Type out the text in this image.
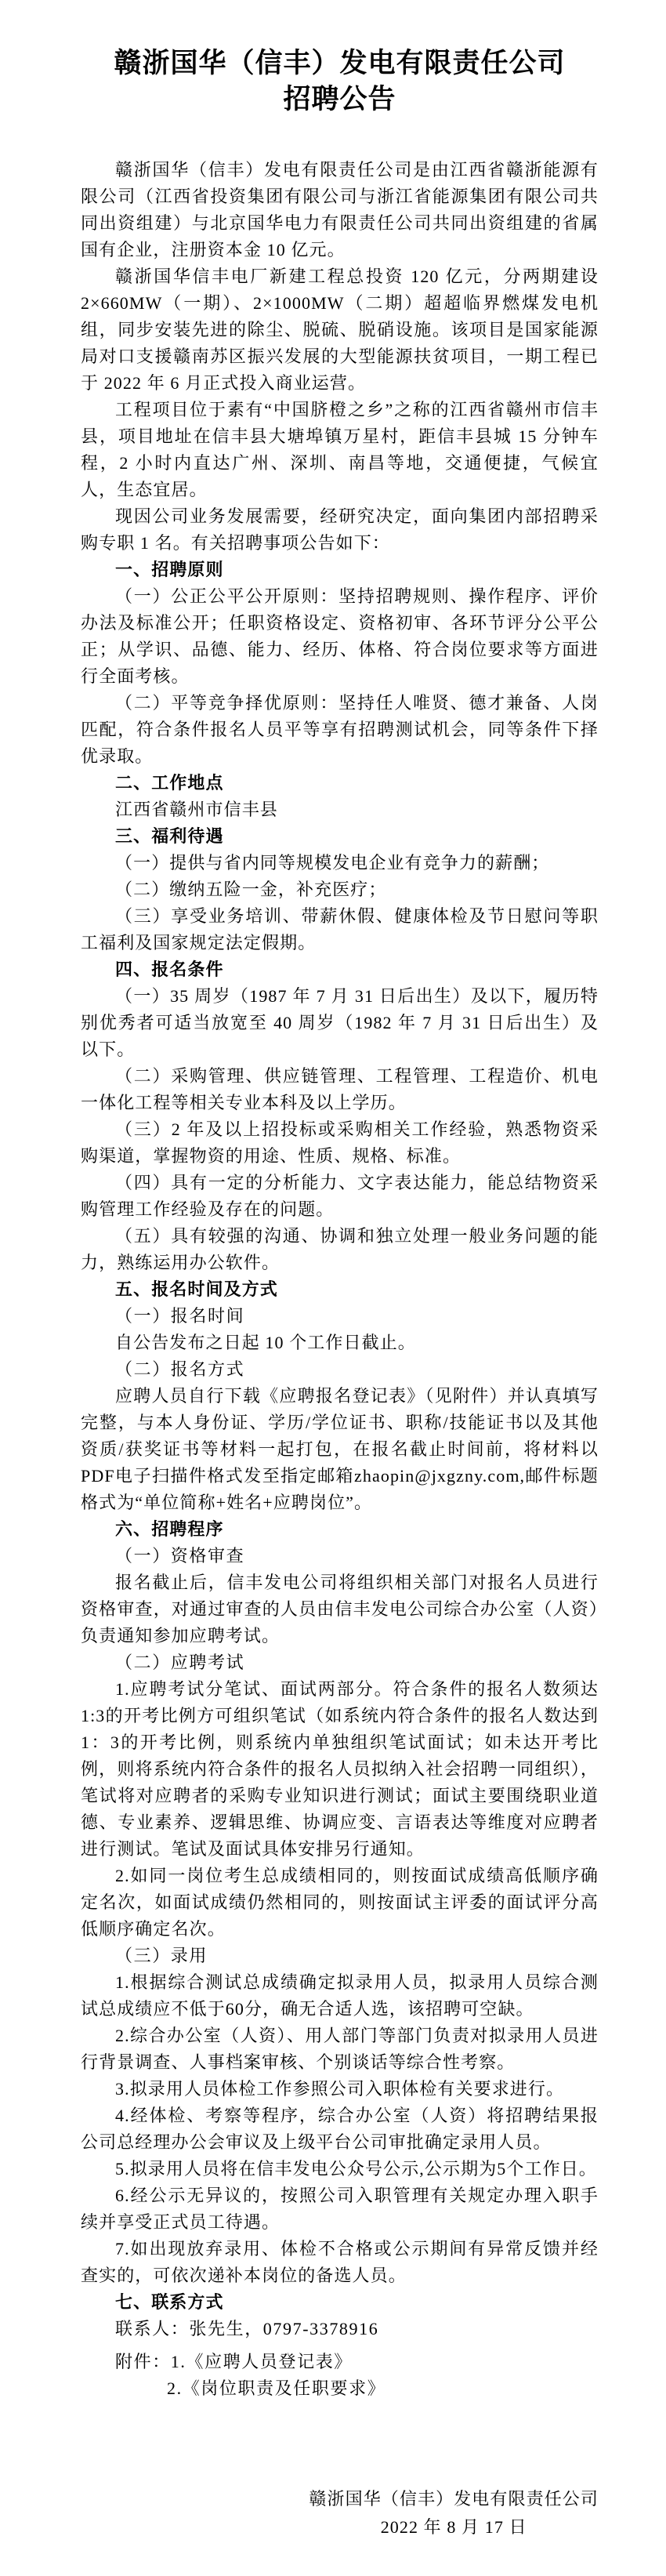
赣浙国华（信丰）发电有限责任公司
招聘公告
赣浙国华（信丰）发电有限责任公司是由江西省赣浙能源有限公司（江西省投资集团有限公司与浙江省能源集团有限公司共同出资组建）与北京国华电力有限责任公司共同出资组建的省属国有企业，注册资本金 10 亿元。
赣浙国华信丰电厂新建工程总投资 120 亿元，分两期建设 2×660MW（一期）、2×1000MW（二期）超超临界燃煤发电机组，同步安装先进的除尘、脱硫、脱硝设施。该项目是国家能源局对口支援赣南苏区振兴发展的大型能源扶贫项目，一期工程已于 2022 年 6 月正式投入商业运营。
工程项目位于素有“中国脐橙之乡”之称的江西省赣州市信丰县，项目地址在信丰县大塘埠镇万星村，距信丰县城 15 分钟车程，2 小时内直达广州、深圳、南昌等地，交通便捷，气候宜人，生态宜居。
现因公司业务发展需要，经研究决定，面向集团内部招聘采购专职 1 名。有关招聘事项公告如下：
一、招聘原则
（一）公正公平公开原则：坚持招聘规则、操作程序、评价办法及标准公开；任职资格设定、资格初审、各环节评分公平公正；从学识、品德、能力、经历、体格、符合岗位要求等方面进行全面考核。
（二）平等竞争择优原则：坚持任人唯贤、德才兼备、人岗匹配，符合条件报名人员平等享有招聘测试机会，同等条件下择优录取。
二、工作地点
江西省赣州市信丰县
三、福利待遇
（一）提供与省内同等规模发电企业有竞争力的薪酬；
（二）缴纳五险一金，补充医疗；
（三）享受业务培训、带薪休假、健康体检及节日慰问等职工福利及国家规定法定假期。
四、报名条件
（一）35 周岁（1987 年 7 月 31 日后出生）及以下，履历特别优秀者可适当放宽至 40 周岁（1982 年 7 月 31 日后出生）及以下。
（二）采购管理、供应链管理、工程管理、工程造价、机电一体化工程等相关专业本科及以上学历。
（三）2 年及以上招投标或采购相关工作经验，熟悉物资采购渠道，掌握物资的用途、性质、规格、标准。
（四）具有一定的分析能力、文字表达能力，能总结物资采购管理工作经验及存在的问题。
（五）具有较强的沟通、协调和独立处理一般业务问题的能力，熟练运用办公软件。
五、报名时间及方式
（一）报名时间
自公告发布之日起 10 个工作日截止。
（二）报名方式
应聘人员自行下载《应聘报名登记表》（见附件）并认真填写完整，与本人身份证、学历/学位证书、职称/技能证书以及其他资质/获奖证书等材料一起打包，在报名截止时间前，将材料以PDF电子扫描件格式发至指定邮箱zhaopin@jxgzny.com,邮件标题格式为“单位简称+姓名+应聘岗位”。
六、招聘程序
（一）资格审查
报名截止后，信丰发电公司将组织相关部门对报名人员进行资格审查，对通过审查的人员由信丰发电公司综合办公室（人资）负责通知参加应聘考试。
（二）应聘考试
1.应聘考试分笔试、面试两部分。符合条件的报名人数须达1:3的开考比例方可组织笔试（如系统内符合条件的报名人数达到1：3的开考比例，则系统内单独组织笔试面试；如未达开考比例，则将系统内符合条件的报名人员拟纳入社会招聘一同组织），笔试将对应聘者的采购专业知识进行测试；面试主要围绕职业道德、专业素养、逻辑思维、协调应变、言语表达等维度对应聘者进行测试。笔试及面试具体安排另行通知。
2.如同一岗位考生总成绩相同的，则按面试成绩高低顺序确定名次，如面试成绩仍然相同的，则按面试主评委的面试评分高低顺序确定名次。
（三）录用
1.根据综合测试总成绩确定拟录用人员，拟录用人员综合测试总成绩应不低于60分，确无合适人选，该招聘可空缺。
2.综合办公室（人资）、用人部门等部门负责对拟录用人员进行背景调查、人事档案审核、个别谈话等综合性考察。
3.拟录用人员体检工作参照公司入职体检有关要求进行。
4.经体检、考察等程序，综合办公室（人资）将招聘结果报公司总经理办公会审议及上级平台公司审批确定录用人员。
5.拟录用人员将在信丰发电公众号公示,公示期为5个工作日。
6.经公示无异议的，按照公司入职管理有关规定办理入职手续并享受正式员工待遇。
7.如出现放弃录用、体检不合格或公示期间有异常反馈并经查实的，可依次递补本岗位的备选人员。
七、联系方式
联系人：张先生，0797-3378916
附件：1.《应聘人员登记表》
2.《岗位职责及任职要求》
赣浙国华（信丰）发电有限责任公司
2022 年 8 月 17 日
